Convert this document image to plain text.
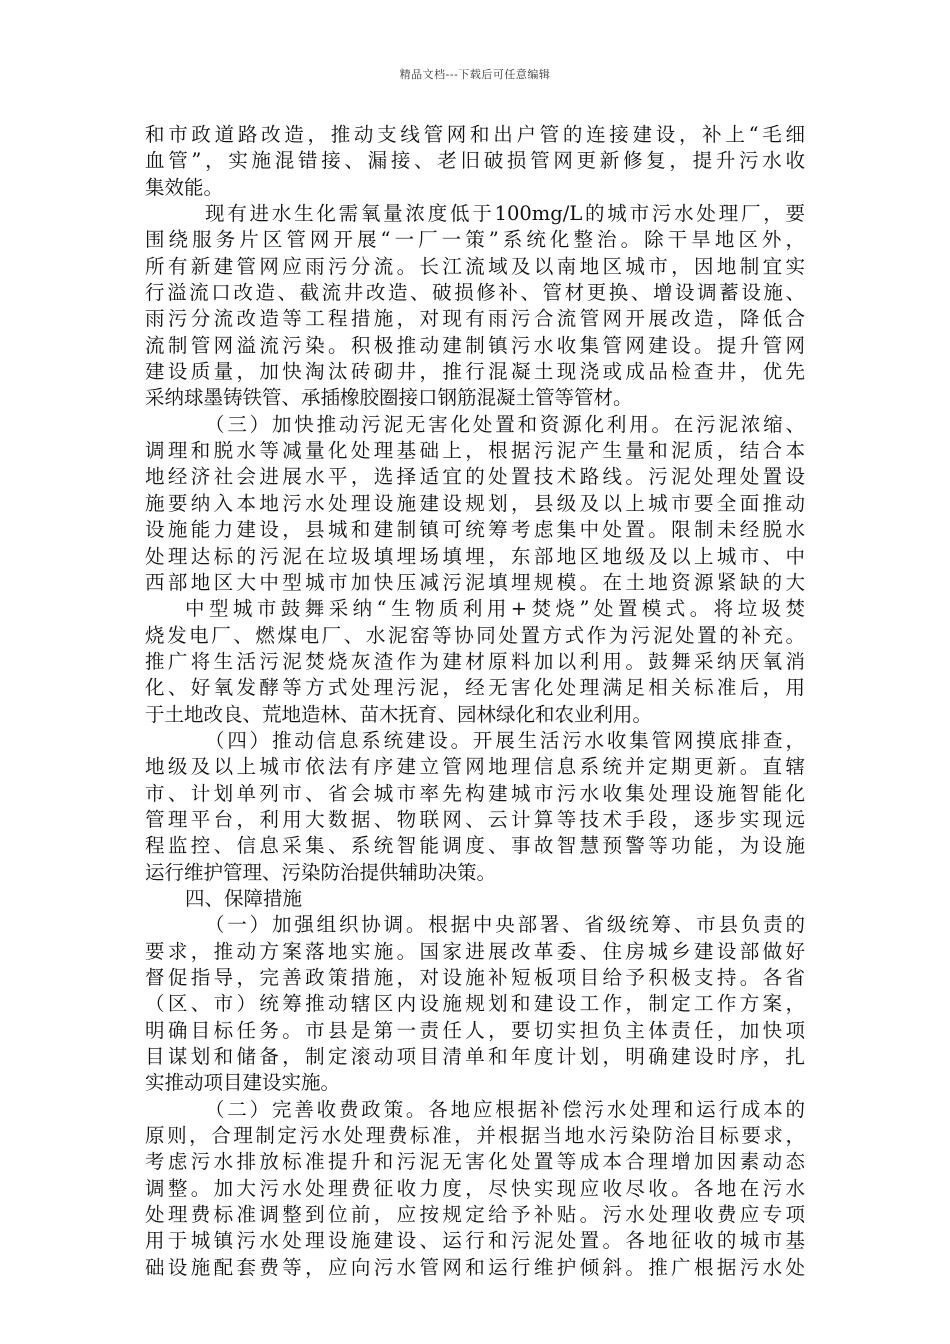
精品文档---下载后可任意编辑
和市政道路改造，推动支线管网和出户管的连接建设，补上“毛细
血管”，实施混错接、漏接、老旧破损管网更新修复，提升污水收
集效能。
现有进水生化需氧量浓度低于100mg/L的城市污水处理厂，要
围绕服务片区管网开展“一厂一策”系统化整治。除干旱地区外，
所有新建管网应雨污分流。长江流域及以南地区城市，因地制宜实
行溢流口改造、截流井改造、破损修补、管材更换、增设调蓄设施、
雨污分流改造等工程措施，对现有雨污合流管网开展改造，降低合
流制管网溢流污染。积极推动建制镇污水收集管网建设。提升管网
建设质量，加快淘汰砖砌井，推行混凝土现浇或成品检查井，优先
采纳球墨铸铁管、承插橡胶圈接口钢筋混凝土管等管材。
（三）加快推动污泥无害化处置和资源化利用。在污泥浓缩、
调理和脱水等减量化处理基础上，根据污泥产生量和泥质，结合本
地经济社会进展水平，选择适宜的处置技术路线。污泥处理处置设
施要纳入本地污水处理设施建设规划，县级及以上城市要全面推动
设施能力建设，县城和建制镇可统筹考虑集中处置。限制未经脱水
处理达标的污泥在垃圾填埋场填埋，东部地区地级及以上城市、中
西部地区大中型城市加快压减污泥填埋规模。在土地资源紧缺的大
中型城市鼓舞采纳“生物质利用+焚烧”处置模式。将垃圾焚
烧发电厂、燃煤电厂、水泥窑等协同处置方式作为污泥处置的补充。
推广将生活污泥焚烧灰渣作为建材原料加以利用。鼓舞采纳厌氧消
化、好氧发酵等方式处理污泥，经无害化处理满足相关标准后，用
于土地改良、荒地造林、苗木抚育、园林绿化和农业利用。
（四）推动信息系统建设。开展生活污水收集管网摸底排查，
地级及以上城市依法有序建立管网地理信息系统并定期更新。直辖
市、计划单列市、省会城市率先构建城市污水收集处理设施智能化
管理平台，利用大数据、物联网、云计算等技术手段，逐步实现远
程监控、信息采集、系统智能调度、事故智慧预警等功能，为设施
运行维护管理、污染防治提供辅助决策。
四、保障措施
（一）加强组织协调。根据中央部署、省级统筹、市县负责的
要求，推动方案落地实施。国家进展改革委、住房城乡建设部做好
督促指导，完善政策措施，对设施补短板项目给予积极支持。各省
（区、市）统筹推动辖区内设施规划和建设工作，制定工作方案，
明确目标任务。市县是第一责任人，要切实担负主体责任，加快项
目谋划和储备，制定滚动项目清单和年度计划，明确建设时序，扎
实推动项目建设实施。
（二）完善收费政策。各地应根据补偿污水处理和运行成本的
原则，合理制定污水处理费标准，并根据当地水污染防治目标要求，
考虑污水排放标准提升和污泥无害化处置等成本合理增加因素动态
调整。加大污水处理费征收力度，尽快实现应收尽收。各地在污水
处理费标准调整到位前，应按规定给予补贴。污水处理收费应专项
用于城镇污水处理设施建设、运行和污泥处置。各地征收的城市基
础设施配套费等，应向污水管网和运行维护倾斜。推广根据污水处
